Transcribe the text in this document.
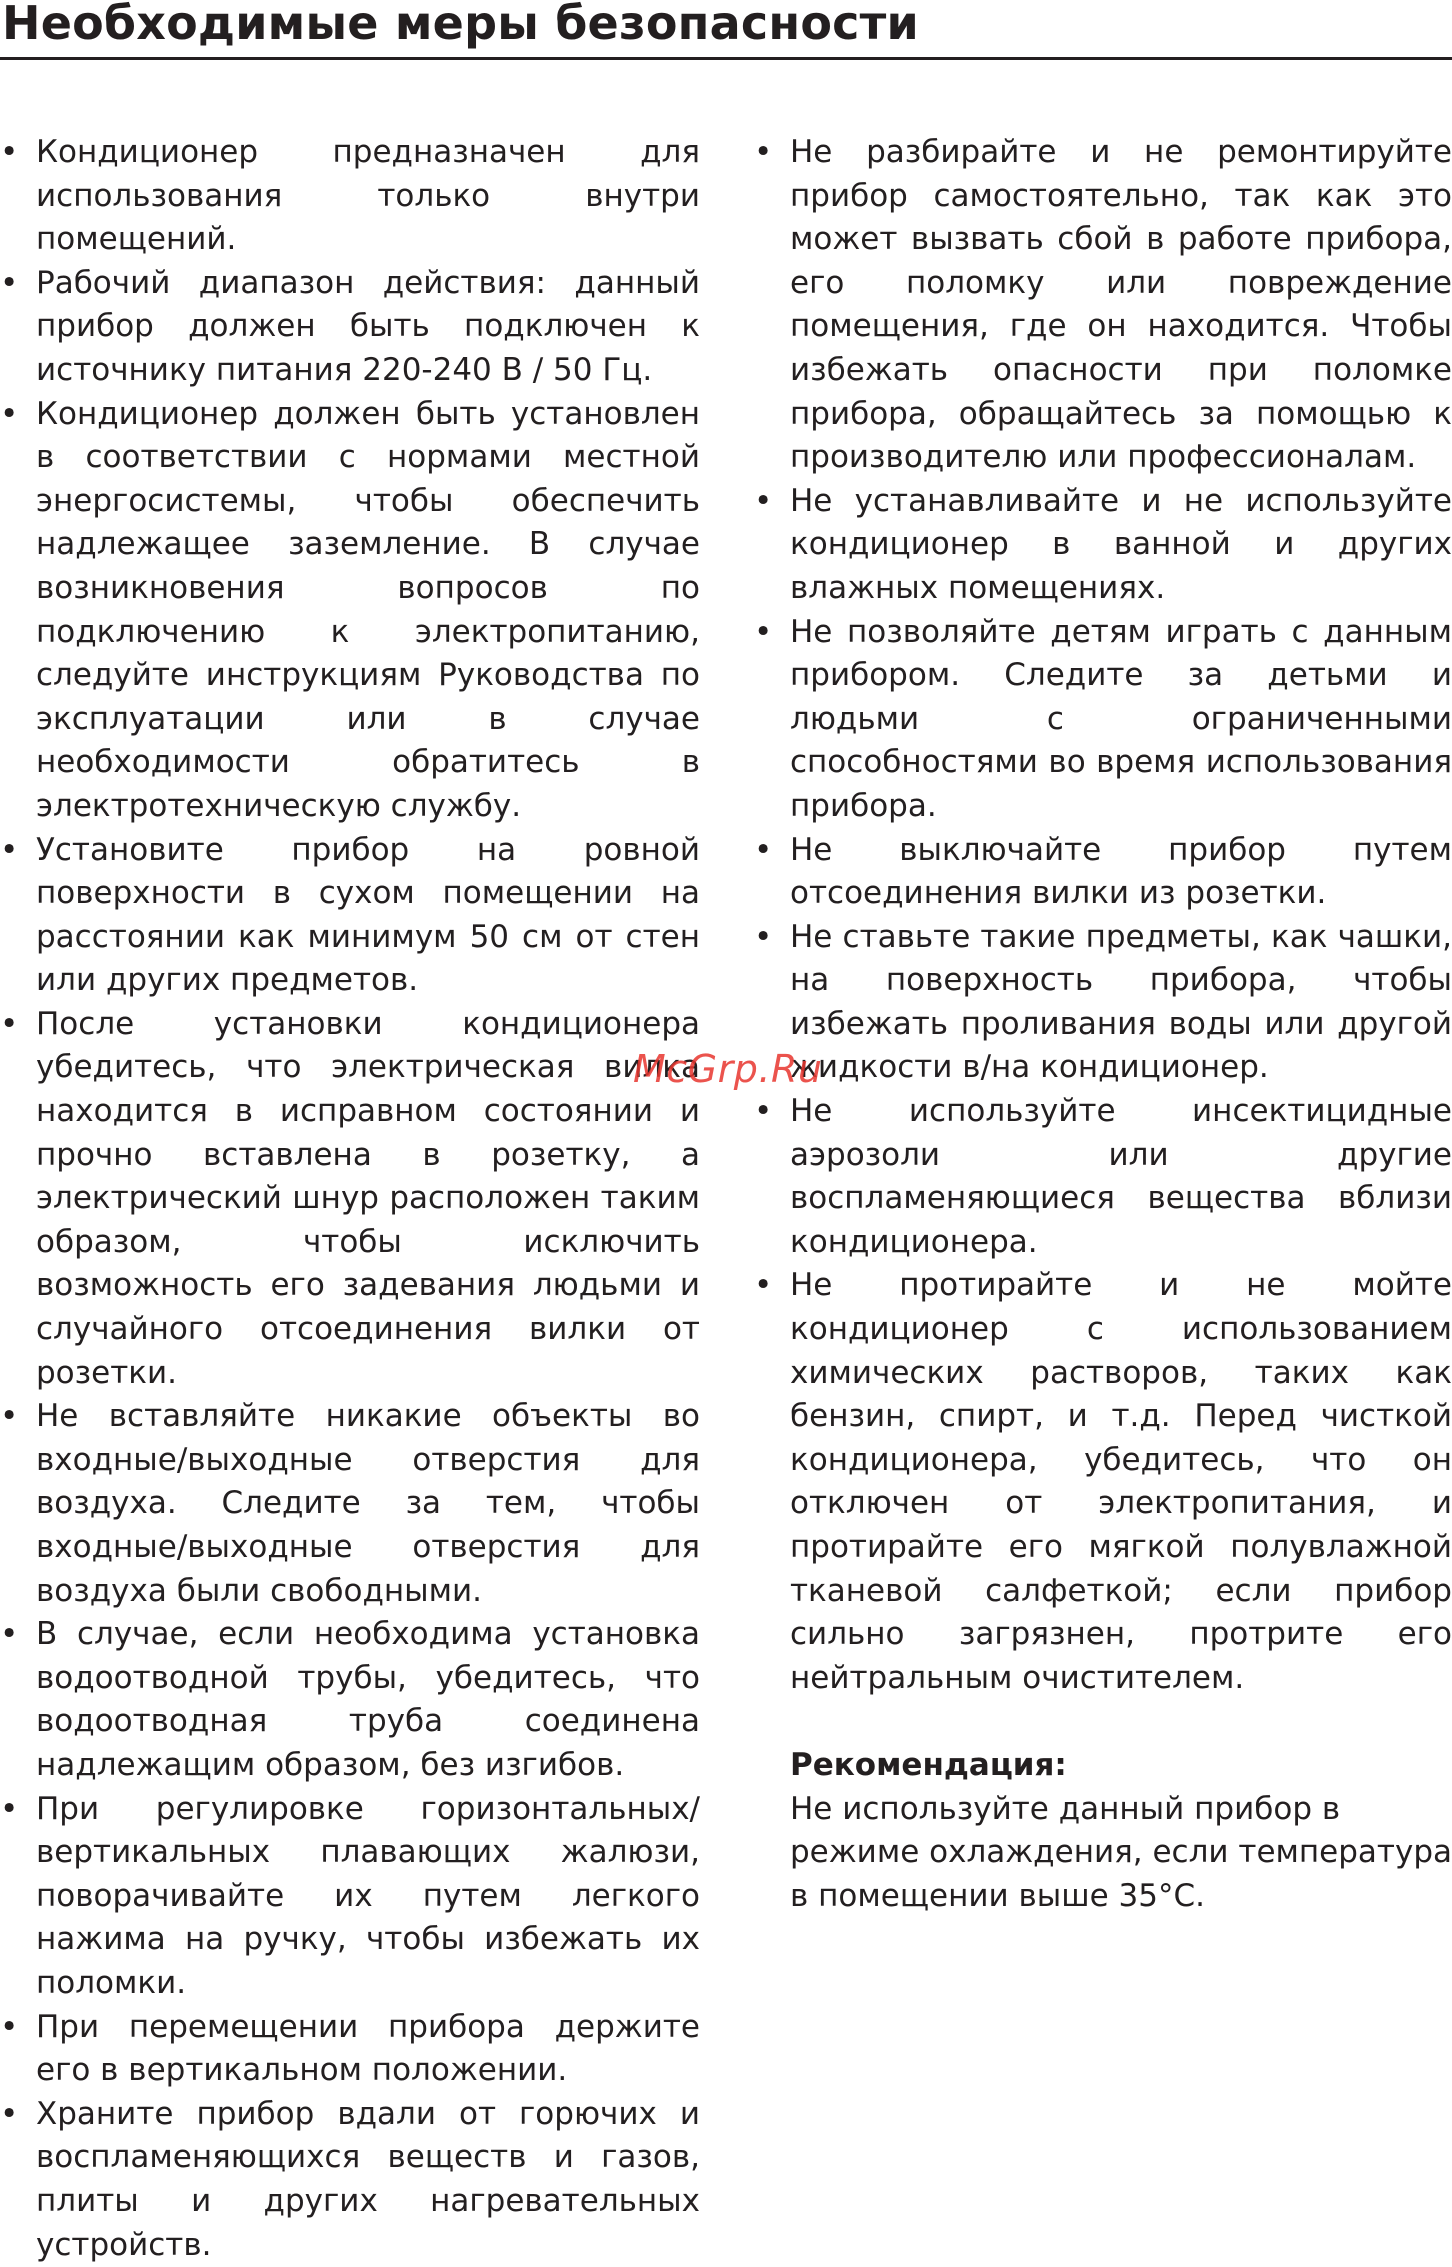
Необходимые меры безопасности
• Кондиционер предназначен для использования только внутри помещений.
• Рабочий диапазон действия: данный прибор должен быть подключен к источнику питания 220-240 В / 50 Гц.
• Кондиционер должен быть установлен в соответствии с нормами местной энергосистемы, чтобы обеспечить надлежащее заземление. В случае возникновения вопросов по подключению к электропитанию, следуйте инструкциям Руководства по эксплуатации или в случае необходимости обратитесь в электротехническую службу.
• Установите прибор на ровной поверхности в сухом помещении на расстоянии как минимум 50 см от стен или других предметов.
• После установки кондиционера убедитесь, что электрическая вилка находится в исправном состоянии и прочно вставлена в розетку, а электрический шнур расположен таким образом, чтобы исключить возможность его задевания людьми и случайного отсоединения вилки от розетки.
• Не вставляйте никакие объекты во входные/выходные отверстия для воздуха. Следите за тем, чтобы входные/выходные отверстия для воздуха были свободными.
• В случае, если необходима установка водоотводной трубы, убедитесь, что водоотводная труба соединена надлежащим образом, без изгибов.
• При регулировке горизонтальных/вертикальных плавающих жалюзи, поворачивайте их путем легкого нажима на ручку, чтобы избежать их поломки.
• При перемещении прибора держите его в вертикальном положении.
• Храните прибор вдали от горючих и воспламеняющихся веществ и газов, плиты и других нагревательных устройств.
• Не разбирайте и не ремонтируйте прибор самостоятельно, так как это может вызвать сбой в работе прибора, его поломку или повреждение помещения, где он находится. Чтобы избежать опасности при поломке прибора, обращайтесь за помощью к производителю или профессионалам.
• Не устанавливайте и не используйте кондиционер в ванной и других влажных помещениях.
• Не позволяйте детям играть с данным прибором. Следите за детьми и людьми с ограниченными способностями во время использования прибора.
• Не выключайте прибор путем отсоединения вилки из розетки.
• Не ставьте такие предметы, как чашки, на поверхность прибора, чтобы избежать проливания воды или другой жидкости в/на кондиционер.
• Не используйте инсектицидные аэрозоли или другие воспламеняющиеся вещества вблизи кондиционера.
• Не протирайте и не мойте кондиционер с использованием химических растворов, таких как бензин, спирт, и т.д. Перед чисткой кондиционера, убедитесь, что он отключен от электропитания, и протирайте его мягкой полувлажной тканевой салфеткой; если прибор сильно загрязнен, протрите его нейтральным очистителем.
Рекомендация:
Не используйте данный прибор в режиме охлаждения, если температура в помещении выше 35°С.
McGrp.Ru
